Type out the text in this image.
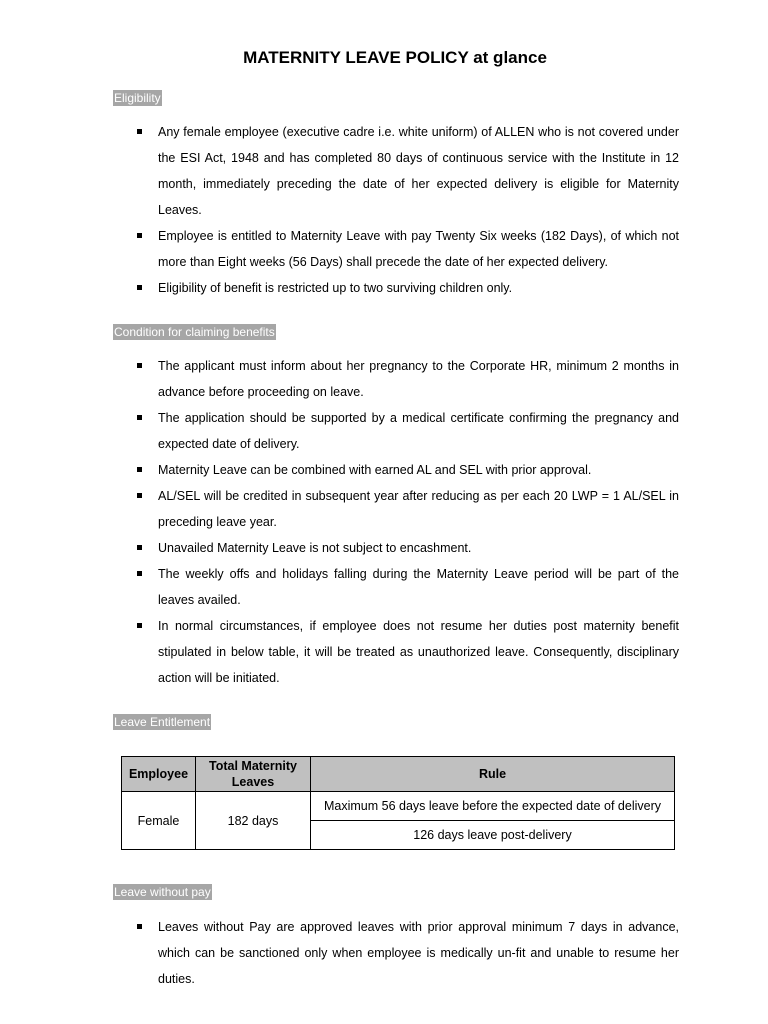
MATERNITY LEAVE POLICY at glance
Eligibility
Any female employee (executive cadre i.e. white uniform) of ALLEN who is not covered under the ESI Act, 1948 and has completed 80 days of continuous service with the Institute in 12 month, immediately preceding the date of her expected delivery is eligible for Maternity Leaves.
Employee is entitled to Maternity Leave with pay Twenty Six weeks (182 Days), of which not more than Eight weeks (56 Days) shall precede the date of her expected delivery.
Eligibility of benefit is restricted up to two surviving children only.
Condition for claiming benefits
The applicant must inform about her pregnancy to the Corporate HR, minimum 2 months in advance before proceeding on leave.
The application should be supported by a medical certificate confirming the pregnancy and expected date of delivery.
Maternity Leave can be combined with earned AL and SEL with prior approval.
AL/SEL will be credited in subsequent year after reducing as per each 20 LWP = 1 AL/SEL in preceding leave year.
Unavailed Maternity Leave is not subject to encashment.
The weekly offs and holidays falling during the Maternity Leave period will be part of the leaves availed.
In normal circumstances, if employee does not resume her duties post maternity benefit stipulated in below table, it will be treated as unauthorized leave. Consequently, disciplinary action will be initiated.
Leave Entitlement
Employee	Total Maternity Leaves	Rule
Female	182 days	Maximum 56 days leave before the expected date of delivery
		126 days leave post-delivery
Leave without pay
Leaves without Pay are approved leaves with prior approval minimum 7 days in advance, which can be sanctioned only when employee is medically un-fit and unable to resume her duties.
